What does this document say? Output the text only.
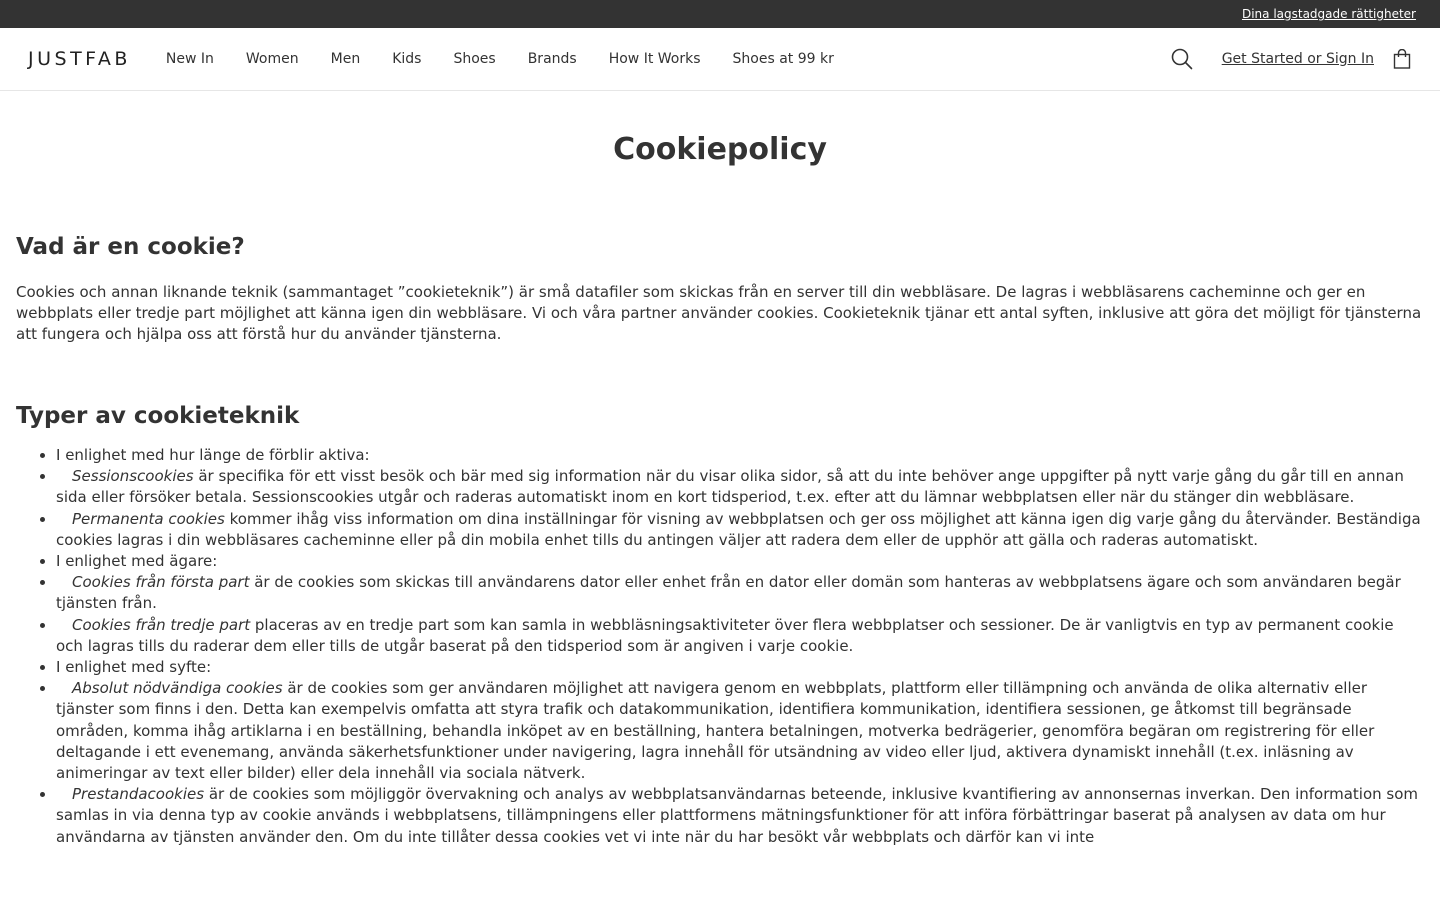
Dina lagstadgade rättigheter
JUSTFAB	New In Women Men Kids Shoes Brands How It Works Shoes at 99 kr	Get Started or Sign In
Cookiepolicy
Vad är en cookie?

Cookies och annan liknande teknik (sammantaget ”cookieteknik”) är små datafiler som skickas från en server till din webbläsare. De lagras i webbläsarens cacheminne och ger en webbplats eller tredje part möjlighet att känna igen din webbläsare. Vi och våra partner använder cookies. Cookieteknik tjänar ett antal syften, inklusive att göra det möjligt för tjänsterna att fungera och hjälpa oss att förstå hur du använder tjänsterna.

Typer av cookieteknik
• I enlighet med hur länge de förblir aktiva:
• Sessionscookies är specifika för ett visst besök och bär med sig information när du visar olika sidor, så att du inte behöver ange uppgifter på nytt varje gång du går till en annan sida eller försöker betala. Sessionscookies utgår och raderas automatiskt inom en kort tidsperiod, t.ex. efter att du lämnar webbplatsen eller när du stänger din webbläsare.
• Permanenta cookies kommer ihåg viss information om dina inställningar för visning av webbplatsen och ger oss möjlighet att känna igen dig varje gång du återvänder. Beständiga cookies lagras i din webbläsares cacheminne eller på din mobila enhet tills du antingen väljer att radera dem eller de upphör att gälla och raderas automatiskt.
• I enlighet med ägare:
• Cookies från första part är de cookies som skickas till användarens dator eller enhet från en dator eller domän som hanteras av webbplatsens ägare och som användaren begär tjänsten från.
• Cookies från tredje part placeras av en tredje part som kan samla in webbläsningsaktiviteter över flera webbplatser och sessioner. De är vanligtvis en typ av permanent cookie och lagras tills du raderar dem eller tills de utgår baserat på den tidsperiod som är angiven i varje cookie.
• I enlighet med syfte:
• Absolut nödvändiga cookies är de cookies som ger användaren möjlighet att navigera genom en webbplats, plattform eller tillämpning och använda de olika alternativ eller tjänster som finns i den. Detta kan exempelvis omfatta att styra trafik och datakommunikation, identifiera kommunikation, identifiera sessionen, ge åtkomst till begränsade områden, komma ihåg artiklarna i en beställning, behandla inköpet av en beställning, hantera betalningen, motverka bedrägerier, genomföra begäran om registrering för eller deltagande i ett evenemang, använda säkerhetsfunktioner under navigering, lagra innehåll för utsändning av video eller ljud, aktivera dynamiskt innehåll (t.ex. inläsning av animeringar av text eller bilder) eller dela innehåll via sociala nätverk.
• Prestandacookies är de cookies som möjliggör övervakning och analys av webbplatsanvändarnas beteende, inklusive kvantifiering av annonsernas inverkan. Den information som samlas in via denna typ av cookie används i webbplatsens, tillämpningens eller plattformens mätningsfunktioner för att införa förbättringar baserat på analysen av data om hur användarna av tjänsten använder den. Om du inte tillåter dessa cookies vet vi inte när du har besökt vår webbplats och därför kan vi inte
